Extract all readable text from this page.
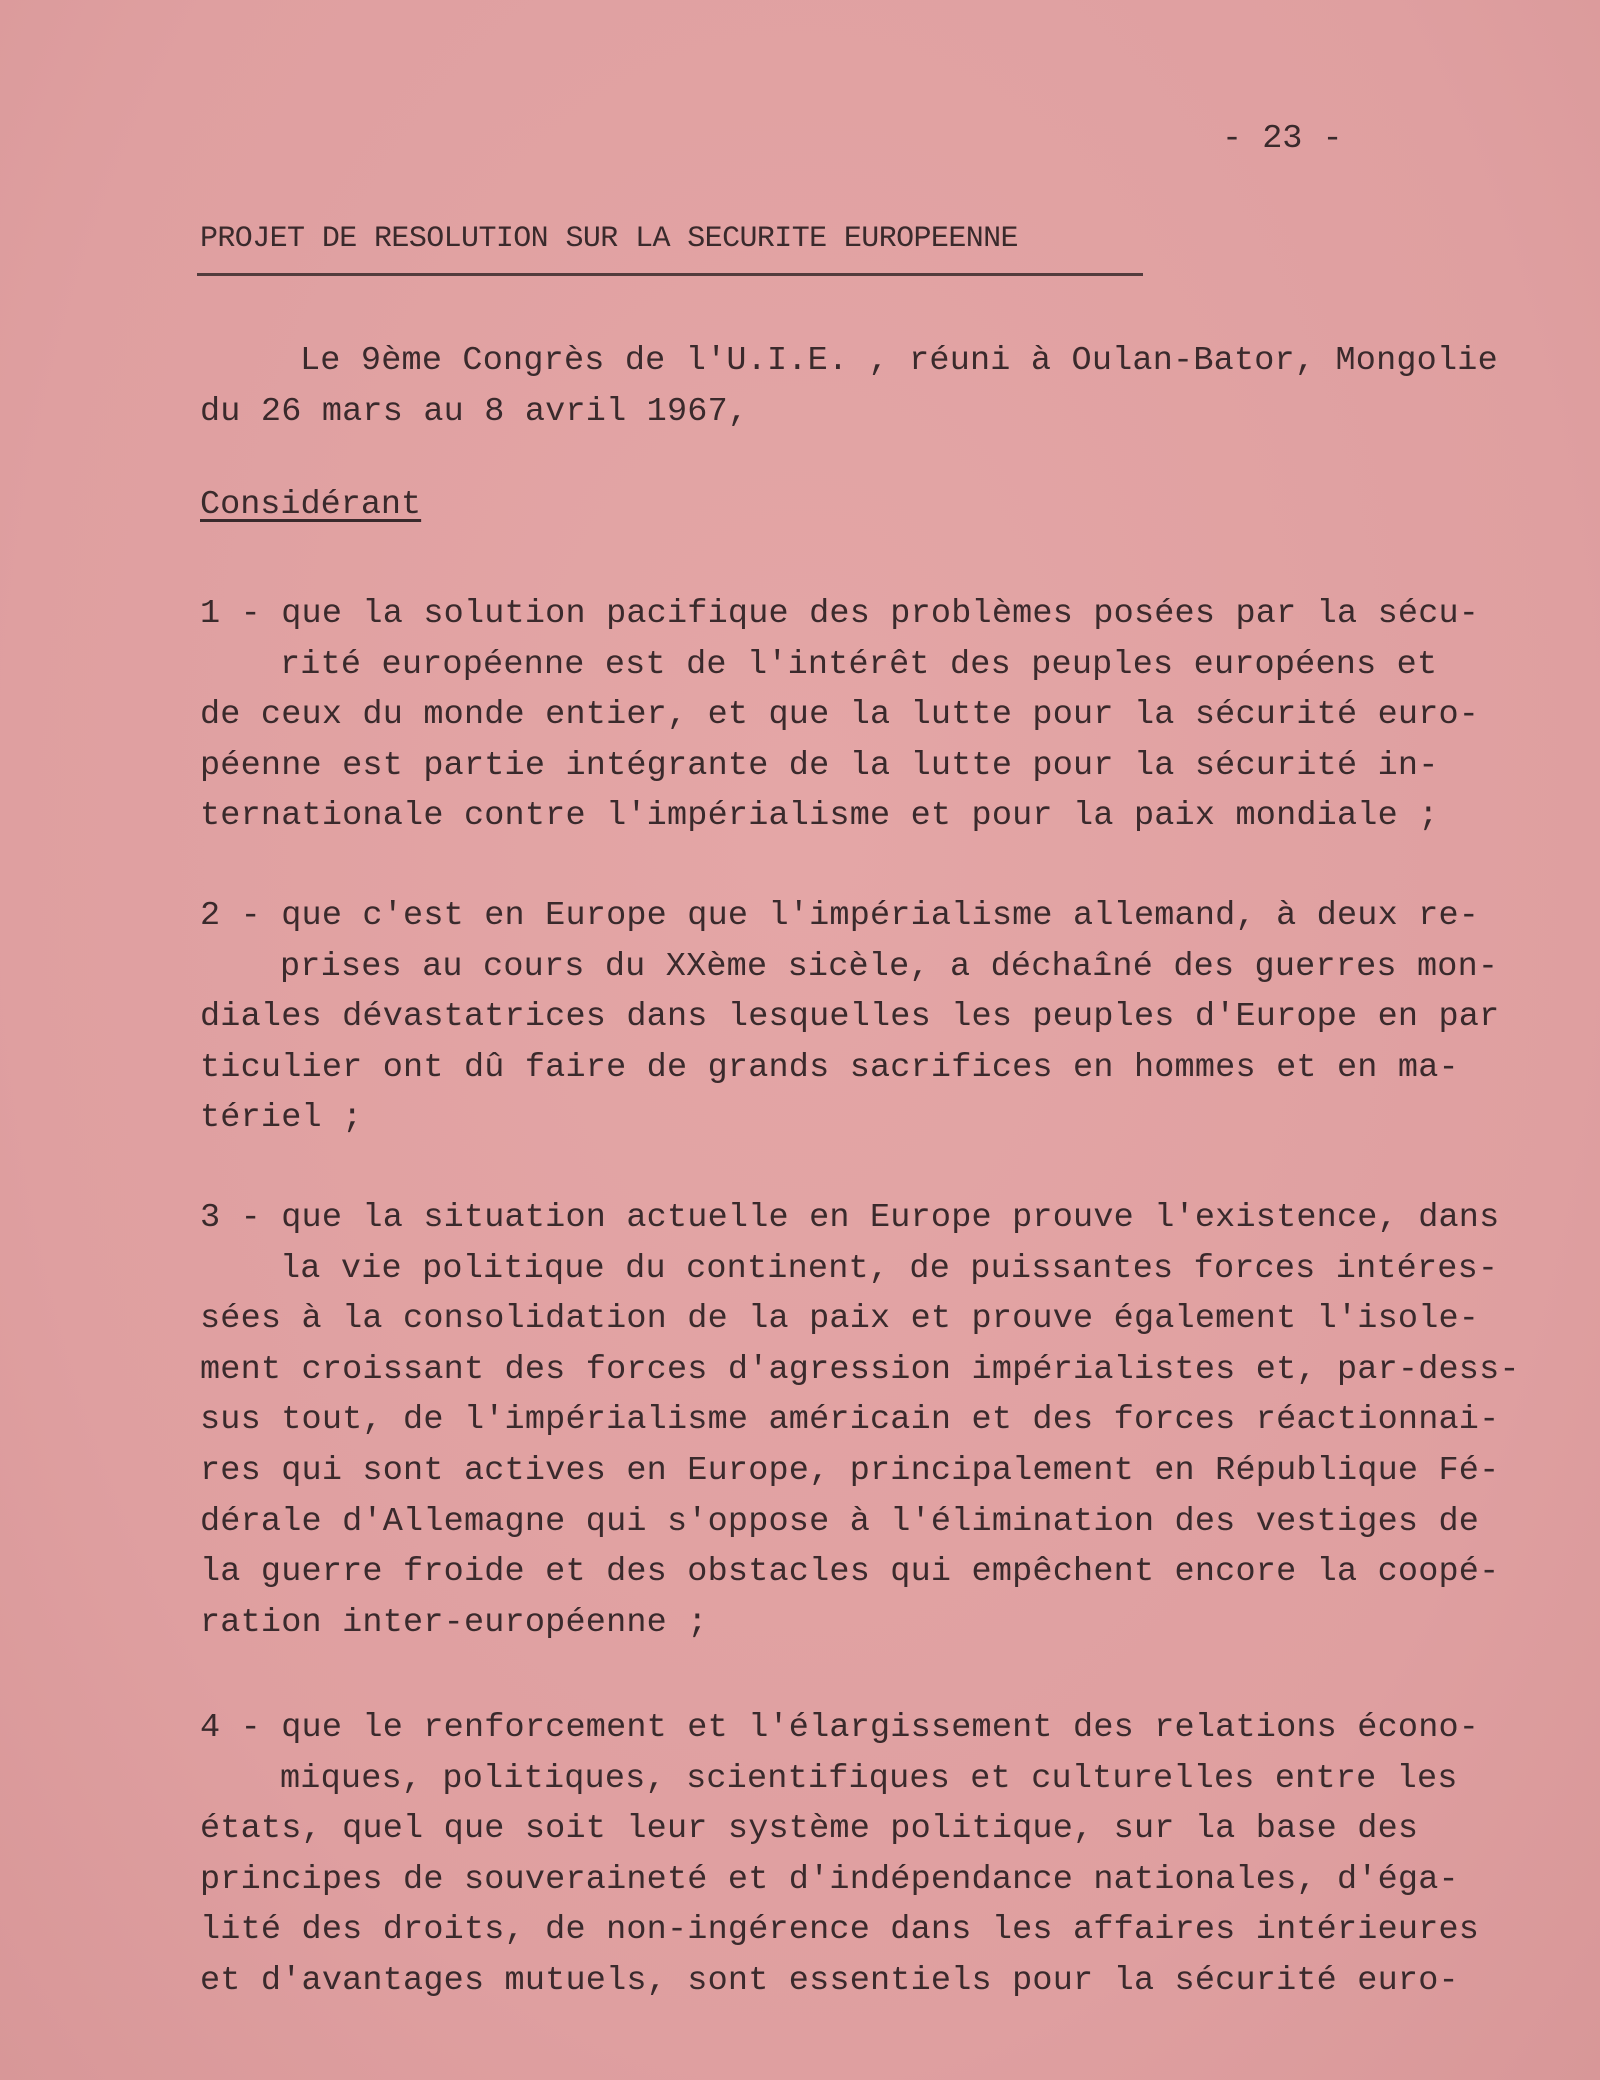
- 23 -
PROJET DE RESOLUTION SUR LA SECURITE EUROPEENNE
Le 9ème Congrès de l'U.I.E. , réuni à Oulan-Bator, Mongolie
du 26 mars au 8 avril 1967,
Considérant
1 - que la solution pacifique des problèmes posées par la sécu-
rité européenne est de l'intérêt des peuples européens et
de ceux du monde entier, et que la lutte pour la sécurité euro-
péenne est partie intégrante de la lutte pour la sécurité in-
ternationale contre l'impérialisme et pour la paix mondiale ;
2 - que c'est en Europe que l'impérialisme allemand, à deux re-
prises au cours du XXème sicèle, a déchaîné des guerres mon-
diales dévastatrices dans lesquelles les peuples d'Europe en par
ticulier ont dû faire de grands sacrifices en hommes et en ma-
tériel ;
3 - que la situation actuelle en Europe prouve l'existence, dans
la vie politique du continent, de puissantes forces intéres-
sées à la consolidation de la paix et prouve également l'isole-
ment croissant des forces d'agression impérialistes et, par-dess-
sus tout, de l'impérialisme américain et des forces réactionnai-
res qui sont actives en Europe, principalement en République Fé-
dérale d'Allemagne qui s'oppose à l'élimination des vestiges de
la guerre froide et des obstacles qui empêchent encore la coopé-
ration inter-européenne ;
4 - que le renforcement et l'élargissement des relations écono-
miques, politiques, scientifiques et culturelles entre les
états, quel que soit leur système politique, sur la base des
principes de souveraineté et d'indépendance nationales, d'éga-
lité des droits, de non-ingérence dans les affaires intérieures
et d'avantages mutuels, sont essentiels pour la sécurité euro-
